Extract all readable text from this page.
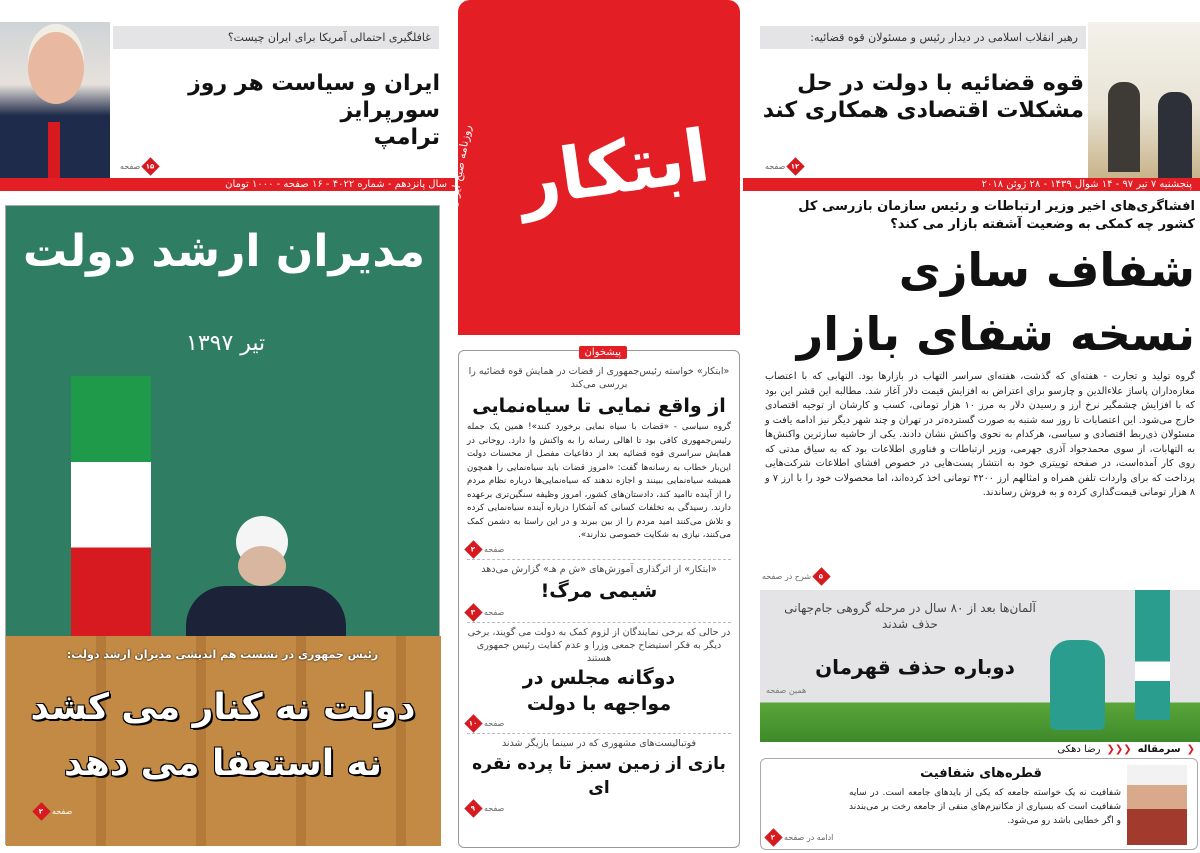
غافلگیری احتمالی آمریکا برای ایران چیست؟
ایران و سیاست هر روز سورپرایز
ترامپ
۱۵
صفحه
سال پانزدهم - شماره ۴۰۲۲ - ۱۶ صفحه - ۱۰۰۰ تومان ابتکار
روزنامه صبح ایران
رهبر انقلاب اسلامی در دیدار رئیس و مسئولان قوه قضائیه:
قوه قضائیه با دولت در حل
مشکلات اقتصادی همکاری کند
۱۲
صفحه
پنجشنبه ۷ تیر ۹۷ - ۱۴ شوال ۱۴۳۹ - ۲۸ ژوئن ۲۰۱۸
افشاگری‌های اخیر وزیر ارتباطات و رئیس سازمان بازرسی کل کشور چه کمکی به وضعیت آشفته بازار می کند؟
شفاف سازی
نسخه شفای بازار
گروه تولید و تجارت - هفته‌ای که گذشت، هفته‌ای سراسر التهاب در بازارها بود. التهابی که با اعتصاب مغازه‌داران پاساژ علاءالدین و چارسو برای اعتراض به افزایش قیمت دلار آغاز شد. مطالبه این قشر این بود که با افزایش چشمگیر نرخ ارز و رسیدن دلار به مرز ۱۰ هزار تومانی، کسب و کارشان از توجیه اقتصادی خارج می‌شود. این اعتصابات تا روز سه شنبه به صورت گسترده‌تر در تهران و چند شهر دیگر نیز ادامه یافت و مسئولان ذی‌ربط اقتصادی و سیاسی، هرکدام به نحوی واکنش نشان دادند. یکی از حاشیه سازترین واکنش‌ها به التهابات، از سوی محمدجواد آذری جهرمی، وزیر ارتباطات و فناوری اطلاعات بود که به سیاق مدتی که روی کار آمده‌است، در صفحه توییتری خود به انتشار پست‌هایی در خصوص افشای اطلاعات شرکت‌هایی پرداخت که برای واردات تلفن همراه و امثالهم ارز ۴۲۰۰ تومانی اخذ کرده‌اند، اما محصولات خود را با ارز ۷ و ۸ هزار تومانی قیمت‌گذاری کرده و به فروش رساندند.
۵
شرح در صفحه
مدیران ارشد دولت
تیر ۱۳۹۷
رئیس جمهوری در نشست هم اندیشی مدیران ارشد دولت:
دولت نه کنار می کشد
نه استعفا می دهد
۲ صفحه
پیشخوان
«ابتکار» خواسته رئیس‌جمهوری از قضات در همایش قوه قضائیه را بررسی می‌کند
از واقع نمایی تا سیاه‌نمایی
گروه سیاسی - «قضات با سیاه نمایی برخورد کنند»! همین یک جمله رئیس‌جمهوری کافی بود تا اهالی رسانه را به واکنش وا دارد. روحانی در همایش سراسری قوه قضائیه بعد از دفاعیات مفصل از محسنات دولت این‌بار خطاب به رسانه‌ها گفت: «امروز قضات باید سیاه‌نمایی را همچون همیشه سیاه‌نمایی ببینند و اجازه ندهند که سیاه‌نمایی‌ها درباره نظام مردم را از آینده ناامید کند، دادستان‌های کشور، امروز وظیفه سنگین‌تری برعهده دارند. رسیدگی به تخلفات کسانی که آشکارا درباره آینده سیاه‌نمایی کرده و تلاش می‌کنند امید مردم را از بین ببرند و در این راستا به دشمن کمک می‌کنند، نیازی به شکایت خصوصی ندارند».
۲ صفحه
«ابتکار» از اثرگذاری آموزش‌های «ش م هـ» گزارش می‌دهد
شیمی مرگ!
۳ صفحه
در حالی که برخی نمایندگان از لزوم کمک به دولت می گویند، برخی دیگر به فکر استیضاح جمعی وزرا و عدم کفایت رئیس جمهوری هستند
دوگانه مجلس در مواجهه با دولت
۱۰ صفحه
فوتبالیست‌های مشهوری که در سینما بازیگر شدند
بازی از زمین سبز تا پرده نقره ای
۹ صفحه
آلمان‌ها بعد از ۸۰ سال در مرحله گروهی جام‌جهانی حذف شدند
دوباره حذف قهرمان
همین صفحه
❮
سرمقاله
❮❮❮
رضا دهکی
قطره‌های شفافیت
شفافیت نه یک خواسته جامعه که یکی از بایدهای جامعه است. در سایه شفافیت است که بسیاری از مکانیزم‌های منفی از جامعه رخت بر می‌بندند و اگر خطایی باشد رو می‌شود.
۲ ادامه در صفحه
